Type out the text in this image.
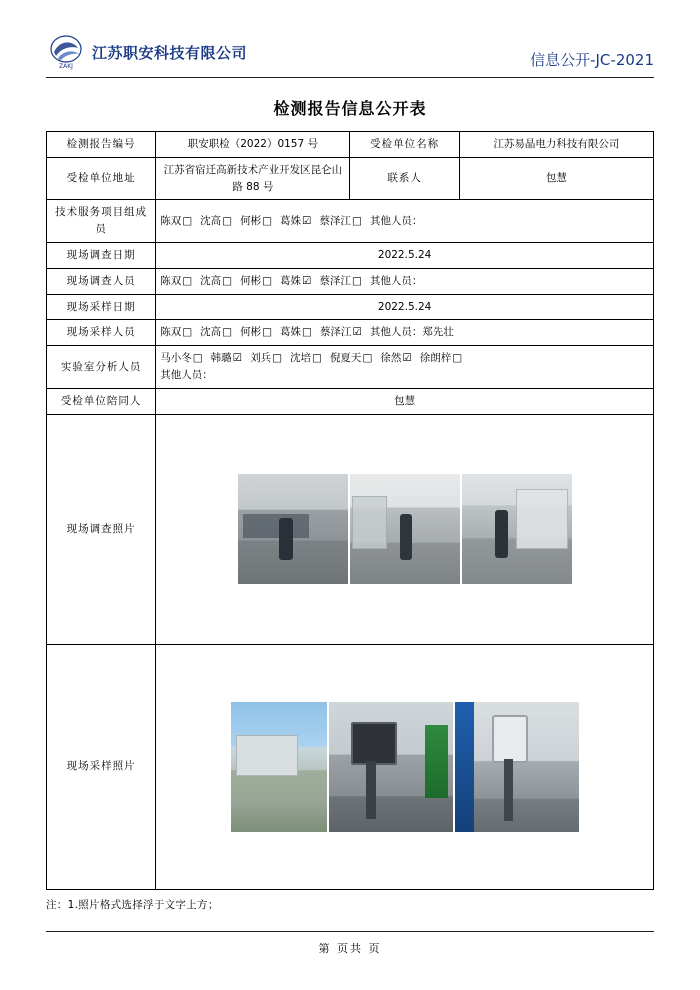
ZAKJ
江苏职安科技有限公司	信息公开-JC-2021
检测报告信息公开表
检测报告编号	职安职检（2022）0157 号	受检单位名称	江苏易晶电力科技有限公司
受检单位地址	江苏省宿迁高新技术产业开发区昆仑山路 88 号	联系人	包慧
技术服务项目组成员	陈双□ 沈高□ 何彬□ 葛姝☑ 蔡泽江□ 其他人员：		

现场调查日期	2022.5.24		
现场调查人员	陈双□ 沈高□ 何彬□ 葛姝☑ 蔡泽江□ 其他人员：		

现场采样日期	2022.5.24		
现场采样人员	陈双□ 沈高□ 何彬□ 葛姝□ 蔡泽江☑ 其他人员：郑先壮		

实验室分析人员	马小冬□ 韩璐☑ 刘兵□ 沈培□ 倪夏天□ 徐然☑ 徐朗梓□
其他人员：		

受检单位陪同人	包慧		
现场调查照片			

现场采样照片			
注：1.照片格式选择浮于文字上方；
第 页共 页
